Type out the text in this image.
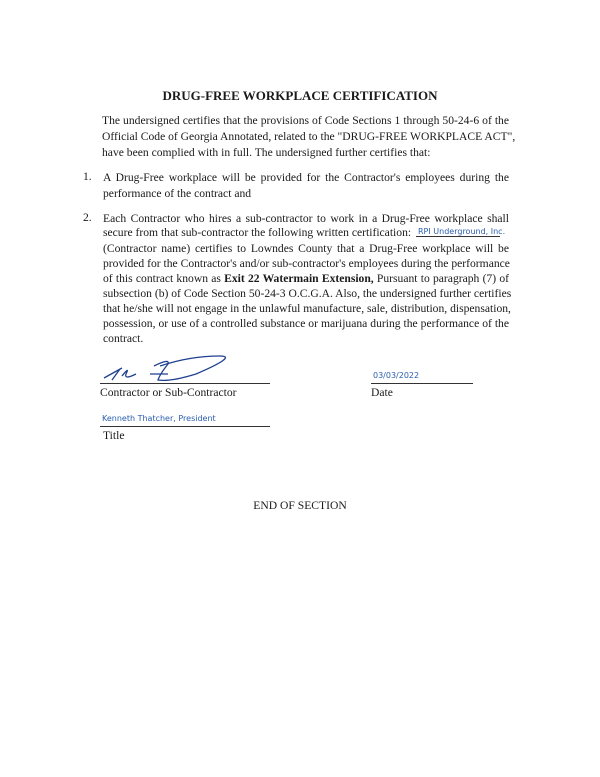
DRUG-FREE WORKPLACE CERTIFICATION
The undersigned certifies that the provisions of Code Sections 1 through 50-24-6 of the
Official Code of Georgia Annotated, related to the "DRUG-FREE WORKPLACE ACT",
have been complied with in full. The undersigned further certifies that:
1. A Drug-Free workplace will be provided for the Contractor's employees during the
performance of the contract and
2. Each Contractor who hires a sub-contractor to work in a Drug-Free workplace shall
secure from that sub-contractor the following written certification: RPI Underground, Inc.
(Contractor name) certifies to Lowndes County that a Drug-Free workplace will be
provided for the Contractor's and/or sub-contractor's employees during the performance
of this contract known as Exit 22 Watermain Extension, Pursuant to paragraph (7) of
subsection (b) of Code Section 50-24-3 O.C.G.A. Also, the undersigned further certifies
that he/she will not engage in the unlawful manufacture, sale, distribution, dispensation,
possession, or use of a controlled substance or marijuana during the performance of the
contract.
Contractor or Sub-Contractor
03/03/2022
Date
Kenneth Thatcher, President
Title
END OF SECTION
